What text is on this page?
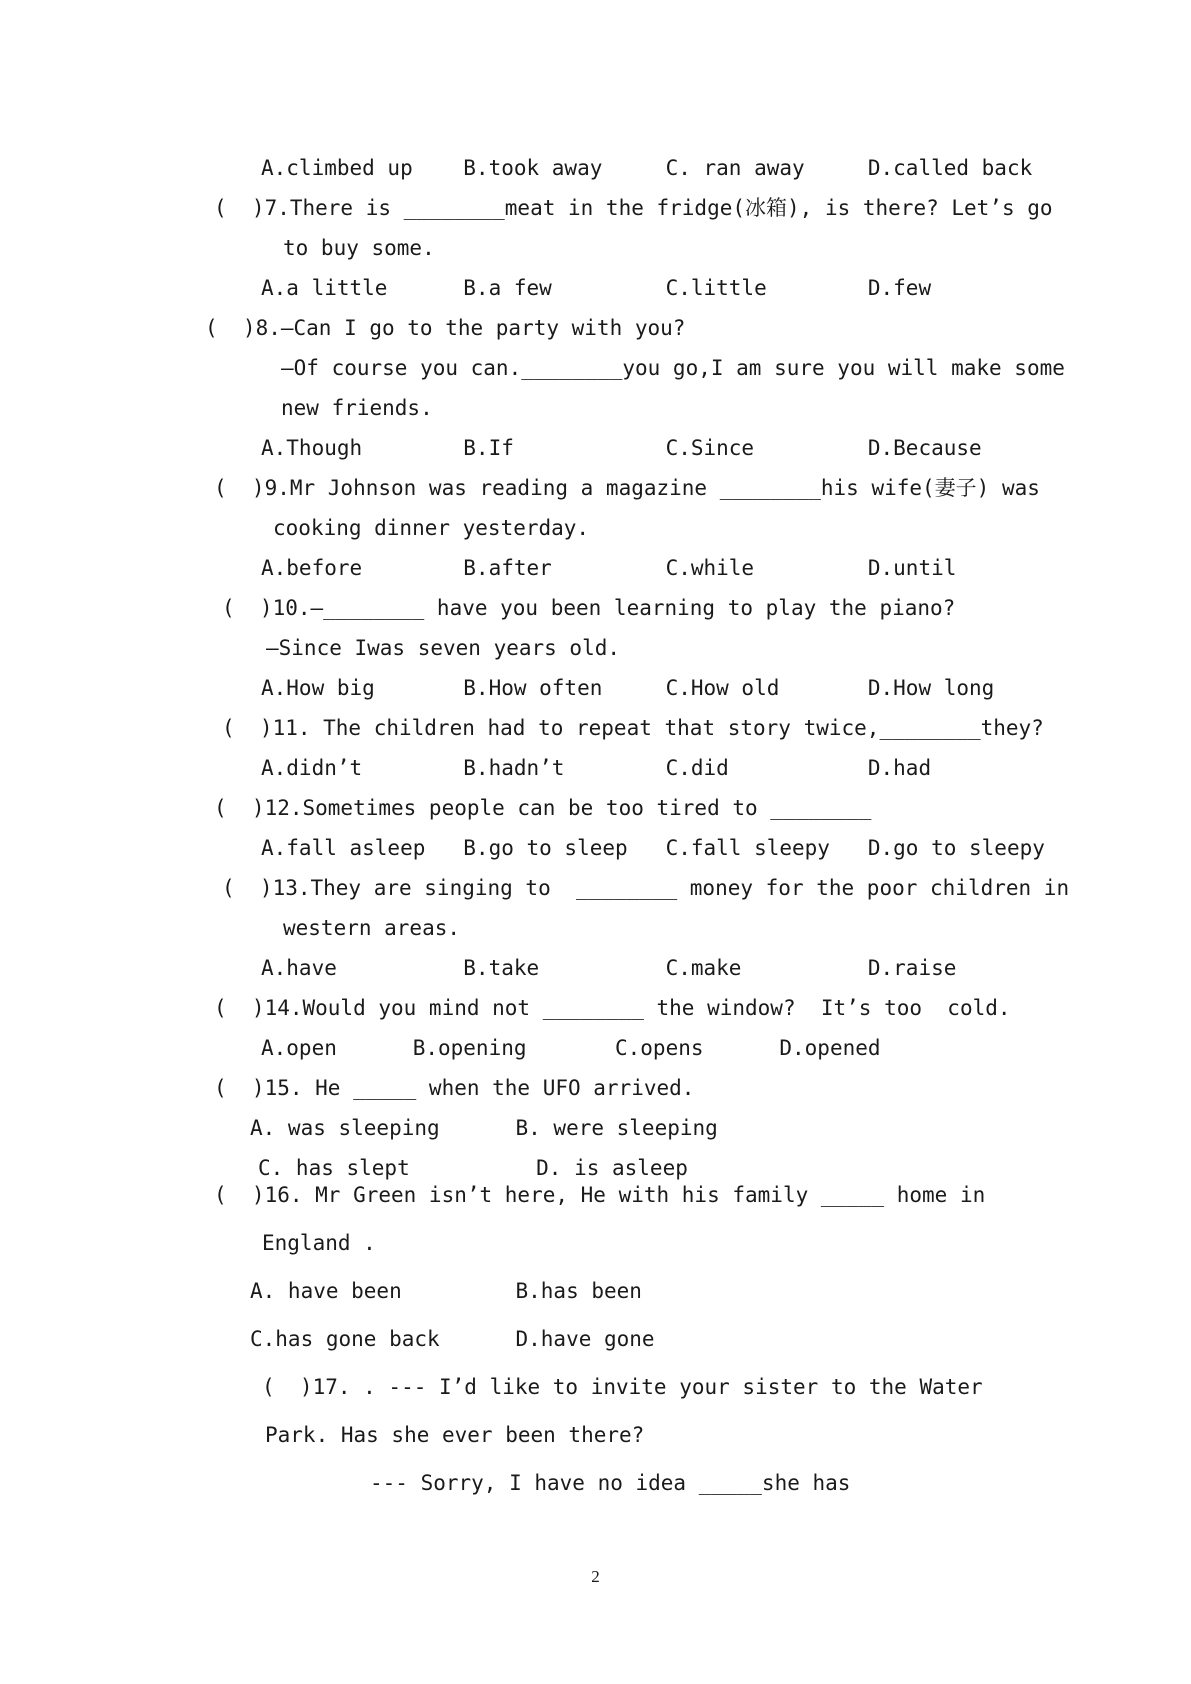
A.climbed up    B.took away     C. ran away     D.called back
(  )7.There is ________meat in the fridge(冰箱), is there? Let’s go
to buy some.
A.a little      B.a few         C.little        D.few
(  )8.—Can I go to the party with you?
—Of course you can.________you go,I am sure you will make some
new friends.
A.Though        B.If            C.Since         D.Because
(  )9.Mr Johnson was reading a magazine ________his wife(妻子) was
cooking dinner yesterday.
A.before        B.after         C.while         D.until
(  )10.—________ have you been learning to play the piano?
—Since Iwas seven years old.
A.How big       B.How often     C.How old       D.How long
(  )11. The children had to repeat that story twice,________they?
A.didn’t        B.hadn’t        C.did           D.had
(  )12.Sometimes people can be too tired to ________
A.fall asleep   B.go to sleep   C.fall sleepy   D.go to sleepy
(  )13.They are singing to  ________ money for the poor children in
western areas.
A.have          B.take          C.make          D.raise
(  )14.Would you mind not ________ the window?  It’s too  cold.
A.open      B.opening       C.opens      D.opened
(  )15. He _____ when the UFO arrived.
A. was sleeping      B. were sleeping
C. has slept          D. is asleep
(  )16. Mr Green isn’t here, He with his family _____ home in
England .
A. have been         B.has been
C.has gone back      D.have gone
(  )17. . --- I’d like to invite your sister to the Water
Park. Has she ever been there?
--- Sorry, I have no idea _____she has
2
